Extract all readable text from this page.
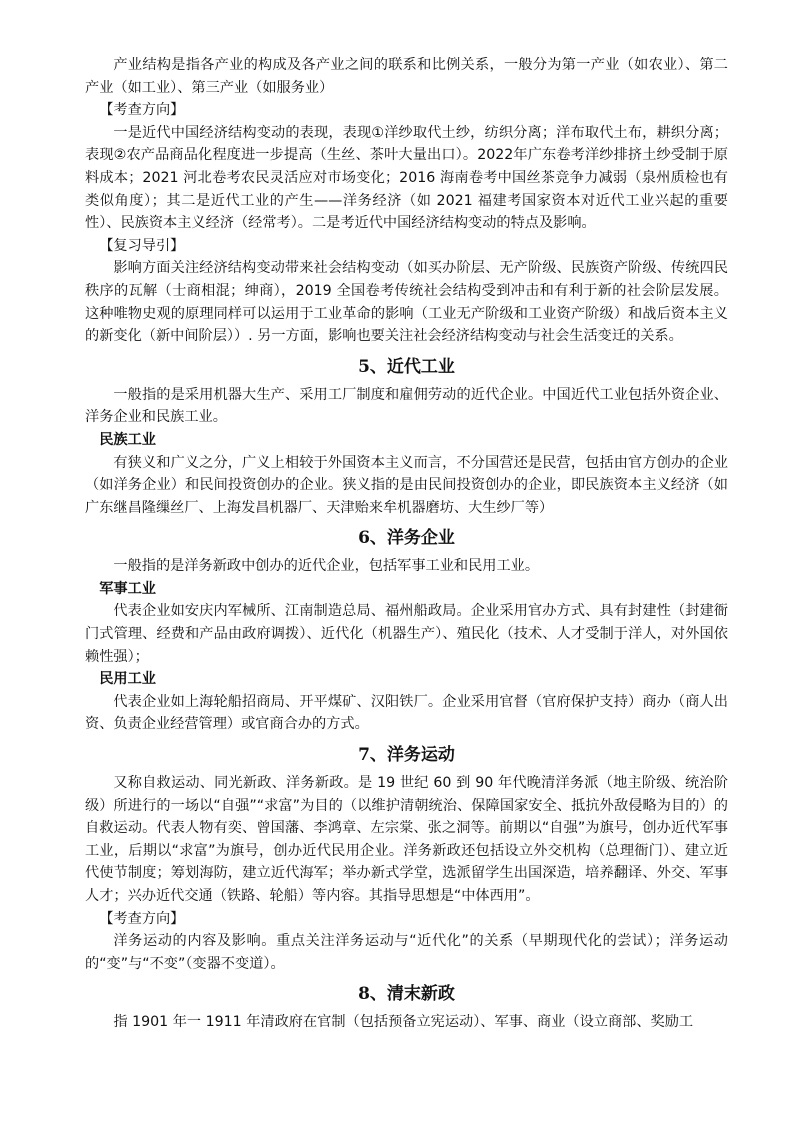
产业结构是指各产业的构成及各产业之间的联系和比例关系，一般分为第一产业（如农业）、第二产业（如工业）、第三产业（如服务业）

【考查方向】

一是近代中国经济结构变动的表现，表现①洋纱取代土纱，纺织分离；洋布取代土布，耕织分离；表现②农产品商品化程度进一步提高（生丝、茶叶大量出口）。2022年广东卷考洋纱排挤土纱受制于原料成本；2021 河北卷考农民灵活应对市场变化；2016 海南卷考中国丝茶竞争力减弱（泉州质检也有类似角度）；其二是近代工业的产生——洋务经济（如 2021 福建考国家资本对近代工业兴起的重要性）、民族资本主义经济（经常考）。二是考近代中国经济结构变动的特点及影响。

【复习导引】

影响方面关注经济结构变动带来社会结构变动（如买办阶层、无产阶级、民族资产阶级、传统四民秩序的瓦解（士商相混；绅商），2019 全国卷考传统社会结构受到冲击和有利于新的社会阶层发展。这种唯物史观的原理同样可以运用于工业革命的影响（工业无产阶级和工业资产阶级）和战后资本主义的新变化（新中间阶层））. 另一方面，影响也要关注社会经济结构变动与社会生活变迁的关系。

5、近代工业

一般指的是采用机器大生产、采用工厂制度和雇佣劳动的近代企业。中国近代工业包括外资企业、洋务企业和民族工业。

民族工业

有狭义和广义之分，广义上相较于外国资本主义而言，不分国营还是民营，包括由官方创办的企业（如洋务企业）和民间投资创办的企业。狭义指的是由民间投资创办的企业，即民族资本主义经济（如广东继昌隆缫丝厂、上海发昌机器厂、天津贻来牟机器磨坊、大生纱厂等）

6、洋务企业

一般指的是洋务新政中创办的近代企业，包括军事工业和民用工业。

军事工业

代表企业如安庆内军械所、江南制造总局、福州船政局。企业采用官办方式、具有封建性（封建衙门式管理、经费和产品由政府调拨）、近代化（机器生产）、殖民化（技术、人才受制于洋人，对外国依赖性强）；

民用工业

代表企业如上海轮船招商局、开平煤矿、汉阳铁厂。企业采用官督（官府保护支持）商办（商人出资、负责企业经营管理）或官商合办的方式。

7、洋务运动

又称自救运动、同光新政、洋务新政。是 19 世纪 60 到 90 年代晚清洋务派（地主阶级、统治阶级）所进行的一场以“自强”“求富”为目的（以维护清朝统治、保障国家安全、抵抗外敌侵略为目的）的自救运动。代表人物有奕、曾国藩、李鸿章、左宗棠、张之洞等。前期以“自强”为旗号，创办近代军事工业，后期以“求富”为旗号，创办近代民用企业。洋务新政还包括设立外交机构（总理衙门）、建立近代使节制度；筹划海防，建立近代海军；举办新式学堂，选派留学生出国深造，培养翻译、外交、军事人才；兴办近代交通（铁路、轮船）等内容。其指导思想是“中体西用”。

【考查方向】

洋务运动的内容及影响。重点关注洋务运动与“近代化”的关系（早期现代化的尝试）；洋务运动的“变”与“不变”（变器不变道）。

8、清末新政

指 1901 年一 1911 年清政府在官制（包括预备立宪运动）、军事、商业（设立商部、奖励工
